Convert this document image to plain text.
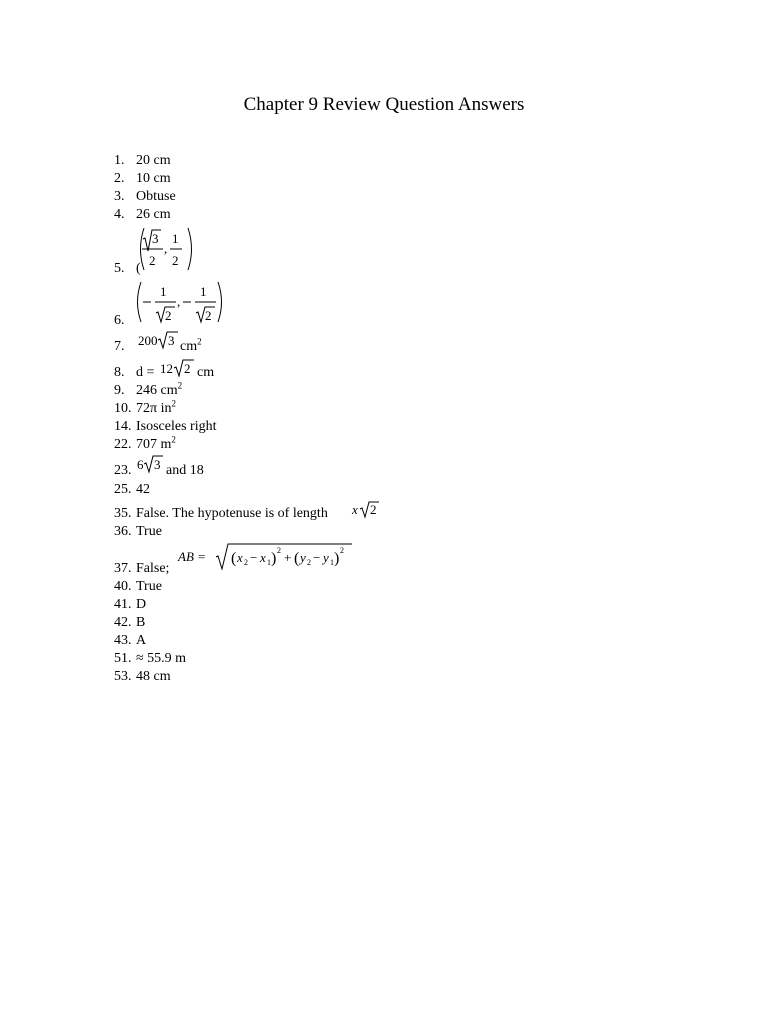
Chapter 9 Review Question Answers
1. 20 cm
2. 10 cm
3. Obtuse
4. 26 cm
3
2
,
1
2
5. (
1
2
,
1
2
6.
200 3
7.	$cm^2$
8. d = 12 2 cm
9. 246 $cm^2$
10. 72π $in^2$
14. Isosceles right
22. 707 $m^2$
6 3
23. and 18
25. 42
35. False. The hypotenuse is of length x 2
36. True
AB = ( x 2 − x 1 ) 2 + ( y 2 − y 1 ) 2
37. False;
40. True
41. D
42. B
43. A
51. ≈ 55.9 m
53. 48 cm
